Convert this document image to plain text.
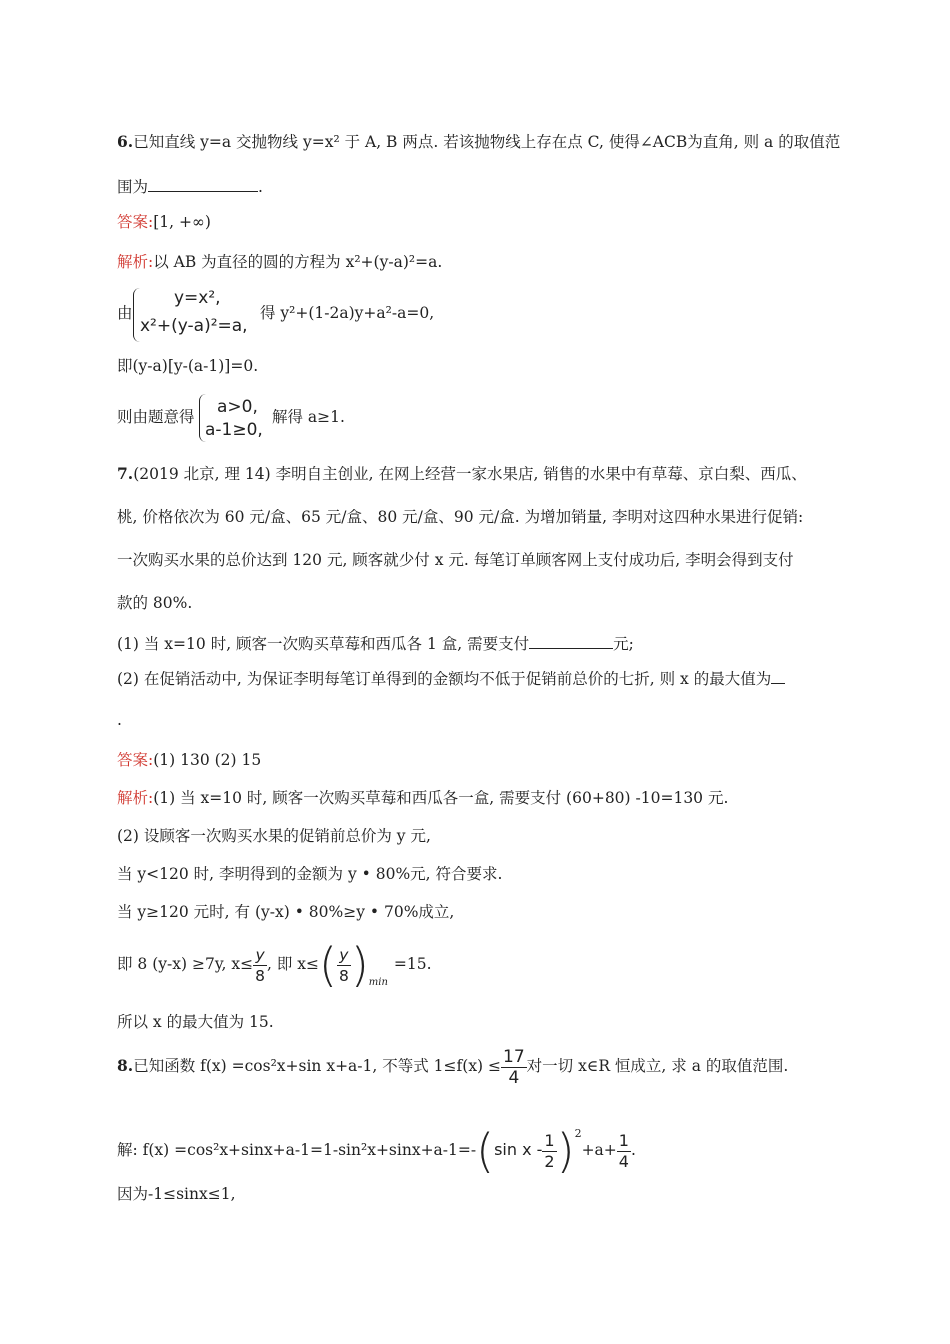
6.已知直线 y=a 交抛物线 y=x² 于 A, B 两点. 若该抛物线上存在点 C, 使得∠ACB为直角, 则 a 的取值范
围为	.
答案:[1, +∞)
解析:以 AB 为直径的圆的方程为 x²+(y-a)²=a.
由
y=x²,
x²+(y-a)²=a,
得 y²+(1-2a)y+a²-a=0,
即(y-a)[y-(a-1)]=0.
则由题意得 a>0,
a-1≥0,
解得 a≥1.
7.(2019 北京, 理 14) 李明自主创业, 在网上经营一家水果店, 销售的水果中有草莓、京白梨、西瓜、
桃, 价格依次为 60 元/盒、65 元/盒、80 元/盒、90 元/盒. 为增加销量, 李明对这四种水果进行促销:
一次购买水果的总价达到 120 元, 顾客就少付 x 元. 每笔订单顾客网上支付成功后, 李明会得到支付
款的 80%.
(1) 当 x=10 时, 顾客一次购买草莓和西瓜各 1 盒, 需要支付	元;
(2) 在促销活动中, 为保证李明每笔订单得到的金额均不低于促销前总价的七折, 则 x 的最大值为
.
答案:(1) 130 (2) 15
解析:(1) 当 x=10 时, 顾客一次购买草莓和西瓜各一盒, 需要支付 (60+80) -10=130 元.
(2) 设顾客一次购买水果的促销前总价为 y 元,
当 y<120 时, 李明得到的金额为 y • 80%元, 符合要求.
当 y≥120 元时, 有 (y-x) • 80%≥y • 70%成立,
即 8 (y-x) ≥7y, $x\le \frac{y}{8}$ , 即 $x\le( \frac{y}{8} )_{min}=15$.
所以 x 的最大值为 15.
8.已知函数 f(x) =cos²x+sin x+a-1, 不等式 $1\le f(x) \le \frac{17}{4}$ 对一切 x∈R 恒成立, 求 a 的取值范围.
解: f(x) =cos²x+sinx+a-1=1-sin²x+sinx+a-1=-(sin $x - \frac{1}{2} )^2+a+ \frac{1}{4}$ .
因为-1≤sinx≤1,
